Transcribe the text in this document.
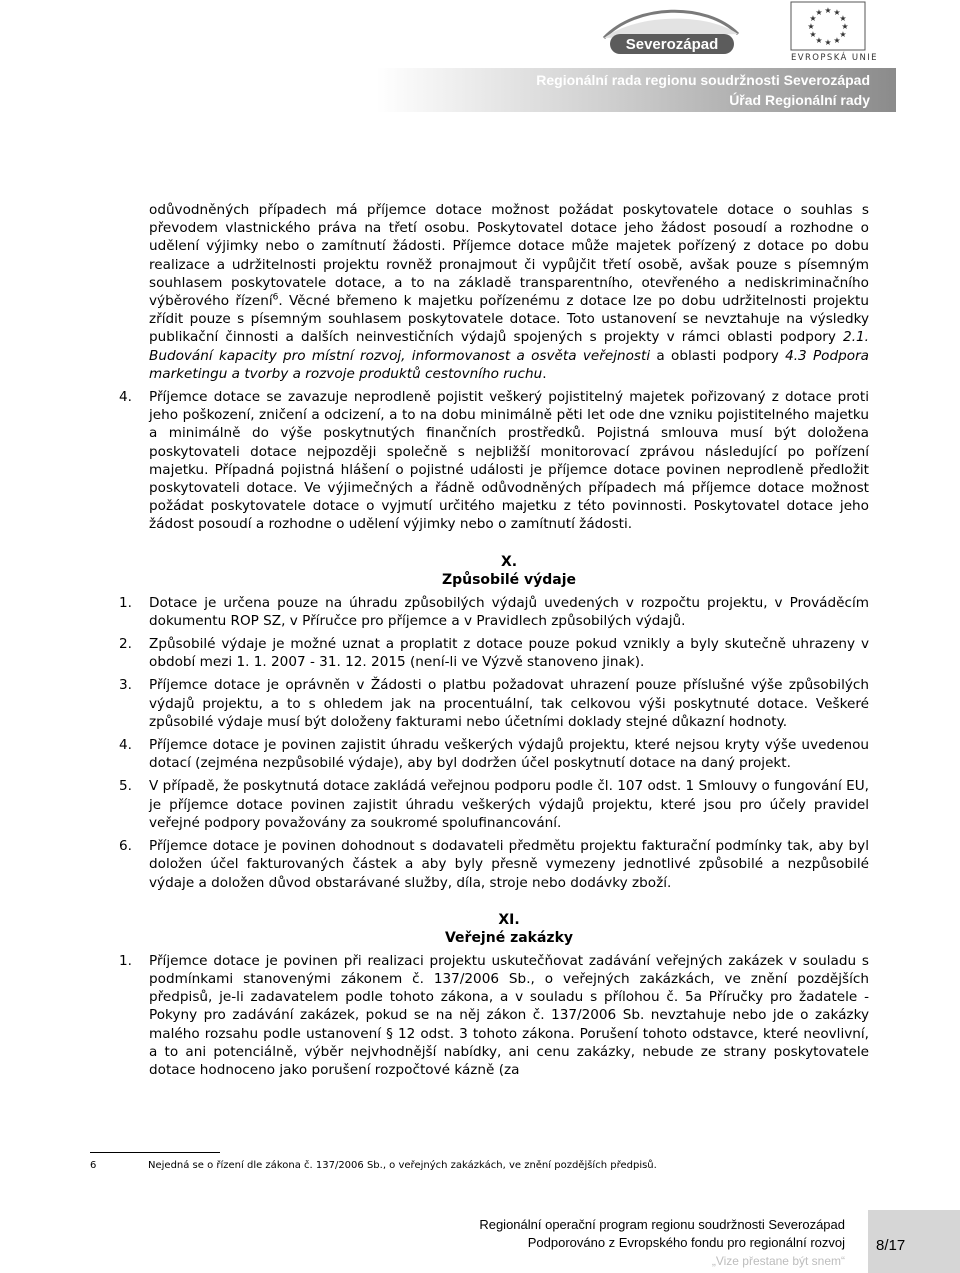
Severozápad
★ ★
★
★
★
★
★
★
★
★
★
★
EVROPSKÁ UNIE
Regionální rada regionu soudržnosti Severozápad
Úřad Regionální rady

odůvodněných případech má příjemce dotace možnost požádat poskytovatele dotace o souhlas s převodem vlastnického práva na třetí osobu. Poskytovatel dotace jeho žádost posoudí a rozhodne o udělení výjimky nebo o zamítnutí žádosti. Příjemce dotace může majetek pořízený z dotace po dobu realizace a udržitelnosti projektu rovněž pronajmout či vypůjčit třetí osobě, avšak pouze s písemným souhlasem poskytovatele dotace, a to na základě transparentního, otevřeného a nediskriminačního výběrového řízení$^6$. Věcné břemeno k majetku pořízenému z dotace lze po dobu udržitelnosti projektu zřídit pouze s písemným souhlasem poskytovatele dotace. Toto ustanovení se nevztahuje na výsledky publikační činnosti a dalších neinvestičních výdajů spojených s projekty v rámci oblasti podpory 2.1. Budování kapacity pro místní rozvoj, informovanost a osvěta veřejnosti a oblasti podpory 4.3 Podpora marketingu a tvorby a rozvoje produktů cestovního ruchu.

4. Příjemce dotace se zavazuje neprodleně pojistit veškerý pojistitelný majetek pořizovaný z dotace proti jeho poškození, zničení a odcizení, a to na dobu minimálně pěti let ode dne vzniku pojistitelného majetku a minimálně do výše poskytnutých finančních prostředků. Pojistná smlouva musí být doložena poskytovateli dotace nejpozději společně s nejbližší monitorovací zprávou následující po pořízení majetku. Případná pojistná hlášení o pojistné události je příjemce dotace povinen neprodleně předložit poskytovateli dotace. Ve výjimečných a řádně odůvodněných případech má příjemce dotace možnost požádat poskytovatele dotace o vyjmutí určitého majetku z této povinnosti. Poskytovatel dotace jeho žádost posoudí a rozhodne o udělení výjimky nebo o zamítnutí žádosti.
X.
Způsobilé výdaje
1. Dotace je určena pouze na úhradu způsobilých výdajů uvedených v rozpočtu projektu, v Prováděcím dokumentu ROP SZ, v Příručce pro příjemce a v Pravidlech způsobilých výdajů.
2. Způsobilé výdaje je možné uznat a proplatit z dotace pouze pokud vznikly a byly skutečně uhrazeny v období mezi 1. 1. 2007 - 31. 12. 2015 (není-li ve Výzvě stanoveno jinak).
3. Příjemce dotace je oprávněn v Žádosti o platbu požadovat uhrazení pouze příslušné výše způsobilých výdajů projektu, a to s ohledem jak na procentuální, tak celkovou výši poskytnuté dotace. Veškeré způsobilé výdaje musí být doloženy fakturami nebo účetními doklady stejné důkazní hodnoty.
4. Příjemce dotace je povinen zajistit úhradu veškerých výdajů projektu, které nejsou kryty výše uvedenou dotací (zejména nezpůsobilé výdaje), aby byl dodržen účel poskytnutí dotace na daný projekt.
5. V případě, že poskytnutá dotace zakládá veřejnou podporu podle čl. 107 odst. 1 Smlouvy o fungování EU, je příjemce dotace povinen zajistit úhradu veškerých výdajů projektu, které jsou pro účely pravidel veřejné podpory považovány za soukromé spolufinancování.
6. Příjemce dotace je povinen dohodnout s dodavateli předmětu projektu fakturační podmínky tak, aby byl doložen účel fakturovaných částek a aby byly přesně vymezeny jednotlivé způsobilé a nezpůsobilé výdaje a doložen důvod obstarávané služby, díla, stroje nebo dodávky zboží.
XI.
Veřejné zakázky
1. Příjemce dotace je povinen při realizaci projektu uskutečňovat zadávání veřejných zakázek v souladu s podmínkami stanovenými zákonem č. 137/2006 Sb., o veřejných zakázkách, ve znění pozdějších předpisů, je-li zadavatelem podle tohoto zákona, a v souladu s přílohou č. 5a Příručky pro žadatele - Pokyny pro zadávání zakázek, pokud se na něj zákon č. 137/2006 Sb. nevztahuje nebo jde o zakázky malého rozsahu podle ustanovení § 12 odst. 3 tohoto zákona. Porušení tohoto odstavce, které neovlivní, a to ani potenciálně, výběr nejvhodnější nabídky, ani cenu zakázky, nebude ze strany poskytovatele dotace hodnoceno jako porušení rozpočtové kázně (za
6	Nejedná se o řízení dle zákona č. 137/2006 Sb., o veřejných zakázkách, ve znění pozdějších předpisů.
Regionální operační program regionu soudržnosti Severozápad
Podporováno z Evropského fondu pro regionální rozvoj
„Vize přestane být snem“
8/17
